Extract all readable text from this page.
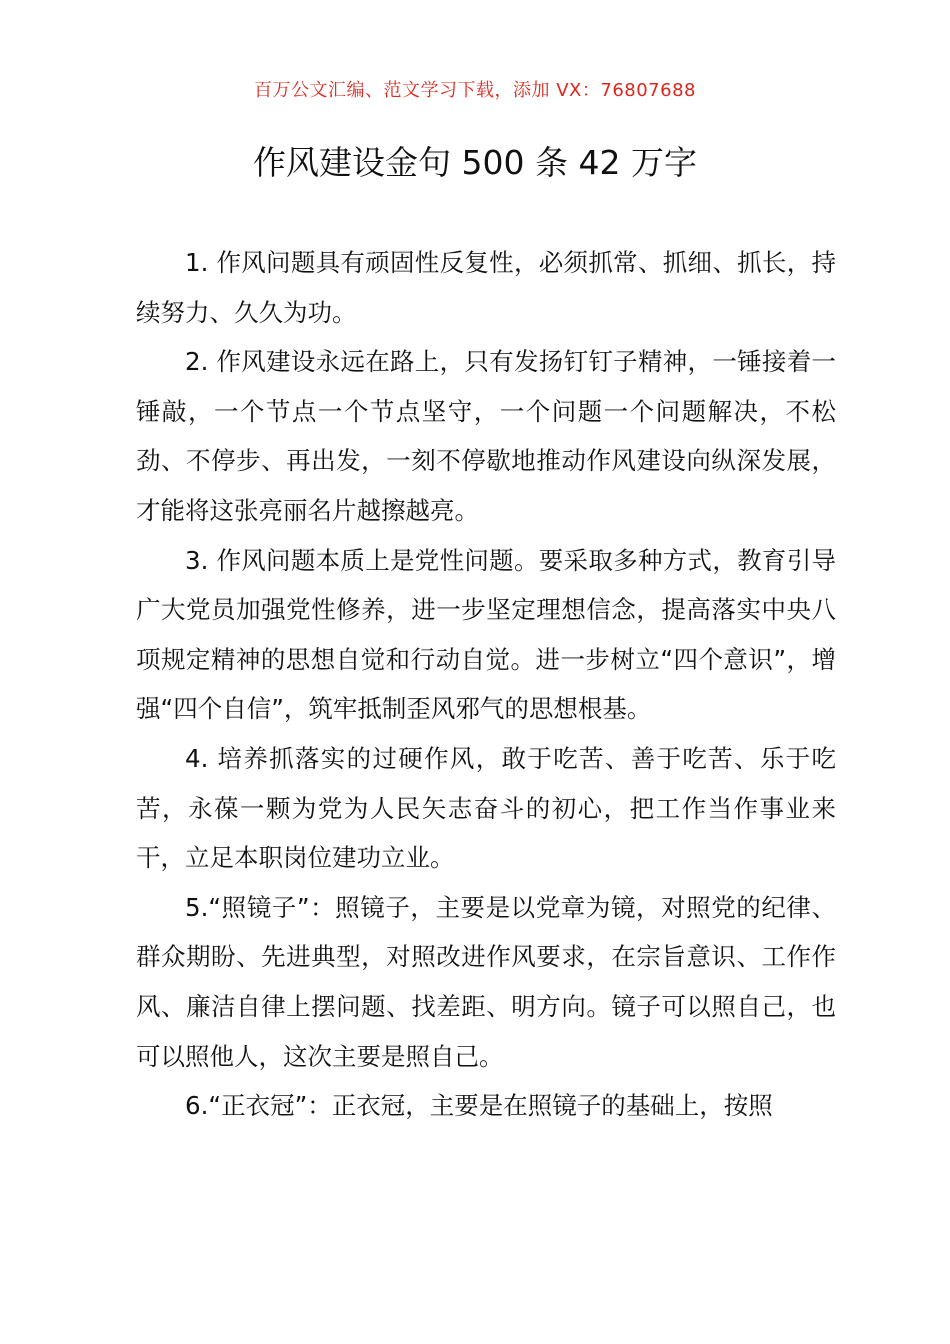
百万公文汇编、范文学习下载，添加 VX：76807688
作风建设金句 500 条 42 万字

1. 作风问题具有顽固性反复性，必须抓常、抓细、抓长，持续努力、久久为功。

2. 作风建设永远在路上，只有发扬钉钉子精神，一锤接着一锤敲，一个节点一个节点坚守，一个问题一个问题解决，不松劲、不停步、再出发，一刻不停歇地推动作风建设向纵深发展，才能将这张亮丽名片越擦越亮。

3. 作风问题本质上是党性问题。要采取多种方式，教育引导广大党员加强党性修养，进一步坚定理想信念，提高落实中央八项规定精神的思想自觉和行动自觉。进一步树立“四个意识”，增强“四个自信”，筑牢抵制歪风邪气的思想根基。

4. 培养抓落实的过硬作风，敢于吃苦、善于吃苦、乐于吃苦，永葆一颗为党为人民矢志奋斗的初心，把工作当作事业来干，立足本职岗位建功立业。

5.“照镜子”：照镜子，主要是以党章为镜，对照党的纪律、群众期盼、先进典型，对照改进作风要求，在宗旨意识、工作作风、廉洁自律上摆问题、找差距、明方向。镜子可以照自己，也可以照他人，这次主要是照自己。

6.“正衣冠”：正衣冠，主要是在照镜子的基础上，按照
